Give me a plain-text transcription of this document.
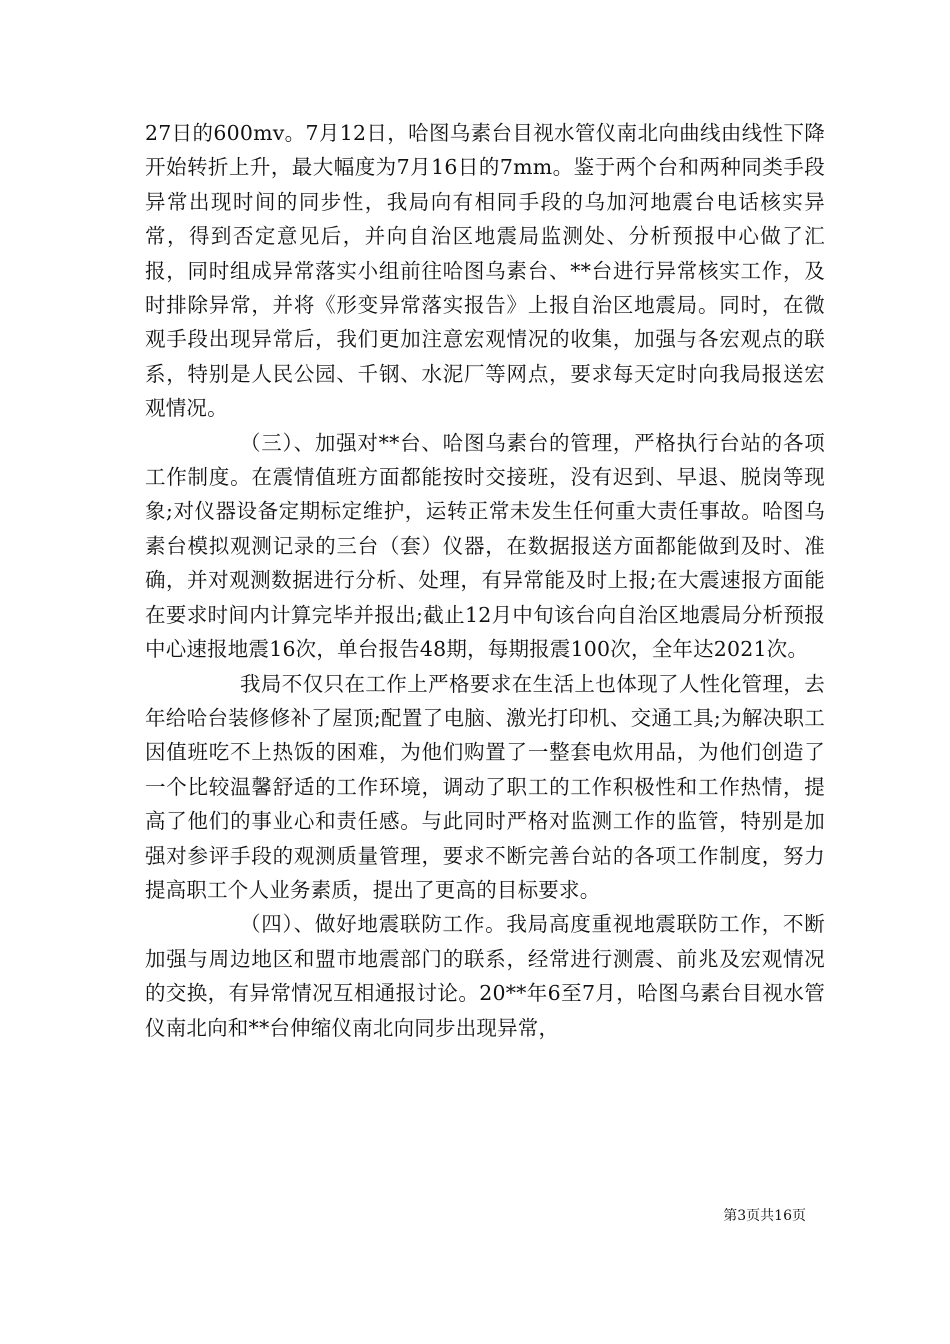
27日的600mv。7月12日，哈图乌素台目视水管仪南北向曲线由线性下降开始转折上升，最大幅度为7月16日的7mm。鉴于两个台和两种同类手段异常出现时间的同步性，我局向有相同手段的乌加河地震台电话核实异常，得到否定意见后，并向自治区地震局监测处、分析预报中心做了汇报，同时组成异常落实小组前往哈图乌素台、**台进行异常核实工作，及时排除异常，并将《形变异常落实报告》上报自治区地震局。同时，在微观手段出现异常后，我们更加注意宏观情况的收集，加强与各宏观点的联系，特别是人民公园、千钢、水泥厂等网点，要求每天定时向我局报送宏观情况。

（三）、加强对**台、哈图乌素台的管理，严格执行台站的各项工作制度。在震情值班方面都能按时交接班，没有迟到、早退、脱岗等现象;对仪器设备定期标定维护，运转正常未发生任何重大责任事故。哈图乌素台模拟观测记录的三台（套）仪器，在数据报送方面都能做到及时、准确，并对观测数据进行分析、处理，有异常能及时上报;在大震速报方面能在要求时间内计算完毕并报出;截止12月中旬该台向自治区地震局分析预报中心速报地震16次，单台报告48期，每期报震100次，全年达2021次。

我局不仅只在工作上严格要求在生活上也体现了人性化管理，去年给哈台装修修补了屋顶;配置了电脑、激光打印机、交通工具;为解决职工因值班吃不上热饭的困难，为他们购置了一整套电炊用品，为他们创造了一个比较温馨舒适的工作环境，调动了职工的工作积极性和工作热情，提高了他们的事业心和责任感。与此同时严格对监测工作的监管，特别是加强对参评手段的观测质量管理，要求不断完善台站的各项工作制度，努力提高职工个人业务素质，提出了更高的目标要求。

（四）、做好地震联防工作。我局高度重视地震联防工作，不断加强与周边地区和盟市地震部门的联系，经常进行测震、前兆及宏观情况的交换，有异常情况互相通报讨论。20**年6至7月，哈图乌素台目视水管仪南北向和**台伸缩仪南北向同步出现异常，

第3页共16页
